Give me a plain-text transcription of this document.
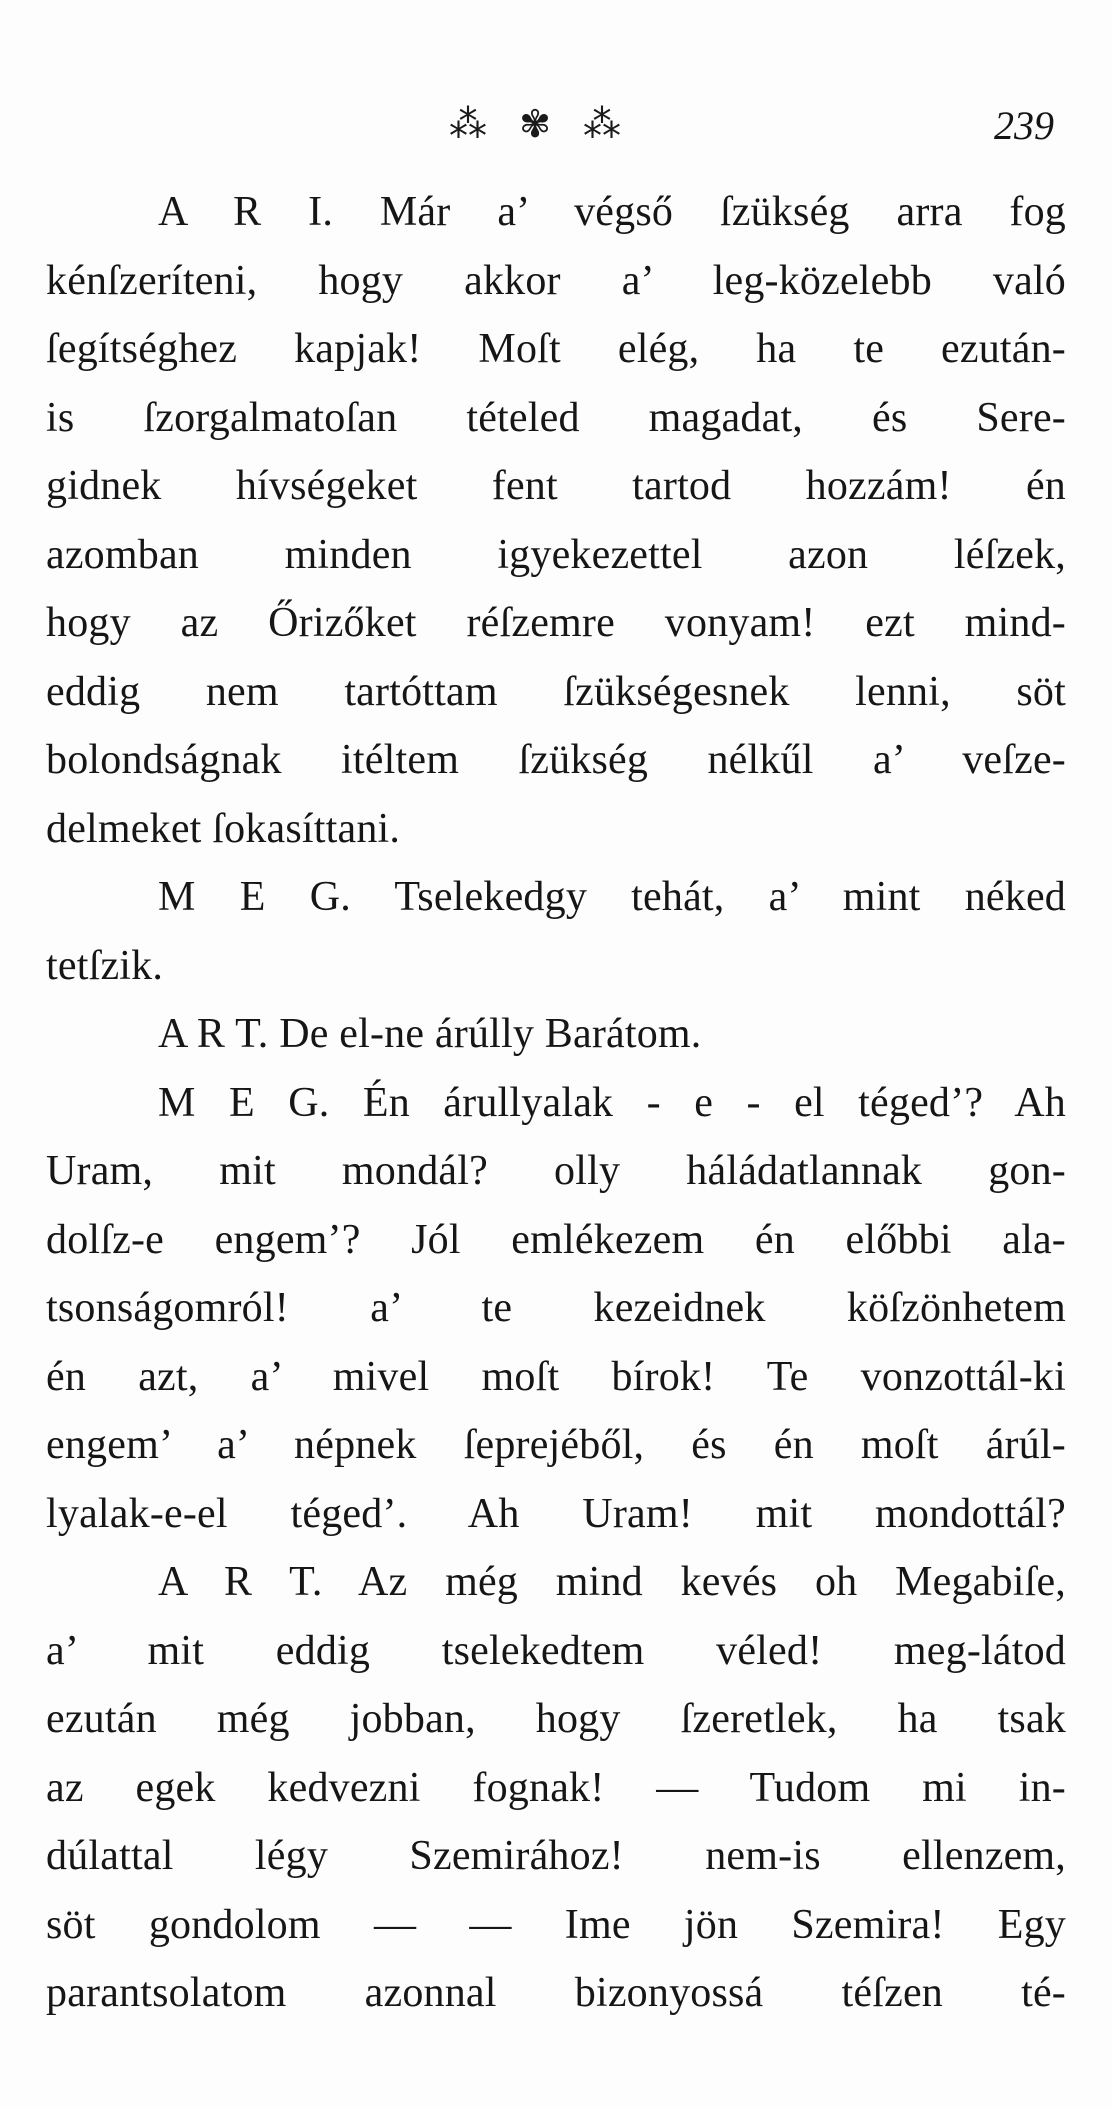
⁂ ✾ ⁂	239
A R I. Már a’ végső ſzükség arra fog
kénſzeríteni, hogy akkor a’ leg-közelebb való
ſegítséghez kapjak! Moſt elég, ha te ezután-
is ſzorgalmatoſan tételed magadat, és Sere-
gidnek hívségeket fent tartod hozzám! én
azomban minden igyekezettel azon léſzek,
hogy az Őrizőket réſzemre vonyam! ezt mind-
eddig nem tartóttam ſzükségesnek lenni, söt
bolondságnak itéltem ſzükség nélkűl a’ veſze-
delmeket ſokasíttani.
M E G. Tselekedgy tehát, a’ mint néked
tetſzik.
A R T. De el-ne árúlly Barátom.
M E G. Én árullyalak - e - el téged’? Ah
Uram, mit mondál? olly háládatlannak gon-
dolſz-e engem’? Jól emlékezem én előbbi ala-
tsonságomról! a’ te kezeidnek köſzönhetem
én azt, a’ mivel moſt bírok! Te vonzottál-ki
engem’ a’ népnek ſeprejéből, és én moſt árúl-
lyalak-e-el téged’. Ah Uram! mit mondottál?
A R T. Az még mind kevés oh Megabiſe,
a’ mit eddig tselekedtem véled! meg-látod
ezután még jobban, hogy ſzeretlek, ha tsak
az egek kedvezni fognak! — Tudom mi in-
dúlattal légy Szemirához! nem-is ellenzem,
söt gondolom — — Ime jön Szemira! Egy
parantsolatom azonnal bizonyossá téſzen té-
